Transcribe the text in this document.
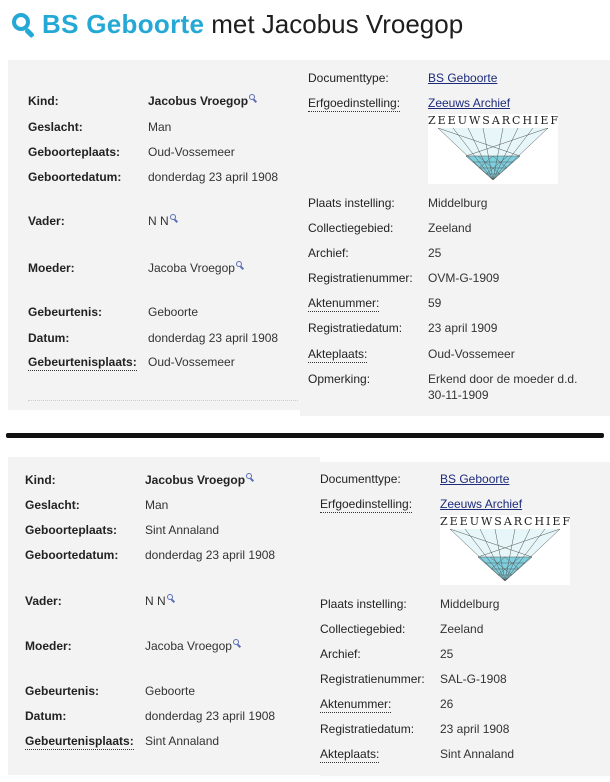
BS Geboorte met Jacobus Vroegop
Kind:
Geslacht:
Geboorteplaats:
Geboortedatum:
Vader:
Moeder:
Gebeurtenis:
Datum:
Gebeurtenisplaats:
Jacobus Vroegop
Man
Oud-Vossemeer
donderdag 23 april 1908
N N
Jacoba Vroegop
Geboorte
donderdag 23 april 1908
Oud-Vossemeer
Documenttype:
Erfgoedinstelling:
Plaats instelling:
Collectiegebied:
Archief:
Registratienummer:
Aktenummer:
Registratiedatum:
Akteplaats:
Opmerking:
BS Geboorte
Zeeuws Archief
ZEEUWSARCHIEF
Middelburg
Zeeland
25
OVM-G-1909
59
23 april 1909
Oud-Vossemeer
Erkend door de moeder d.d.
30-11-1909
Kind:
Geslacht:
Geboorteplaats:
Geboortedatum:
Vader:
Moeder:
Gebeurtenis:
Datum:
Gebeurtenisplaats:
Jacobus Vroegop
Man
Sint Annaland
donderdag 23 april 1908
N N
Jacoba Vroegop
Geboorte
donderdag 23 april 1908
Sint Annaland
Documenttype:
Erfgoedinstelling:
Plaats instelling:
Collectiegebied:
Archief:
Registratienummer:
Aktenummer:
Registratiedatum:
Akteplaats:
BS Geboorte
Zeeuws Archief
ZEEUWSARCHIEF
Middelburg
Zeeland
25
SAL-G-1908
26
23 april 1908
Sint Annaland
